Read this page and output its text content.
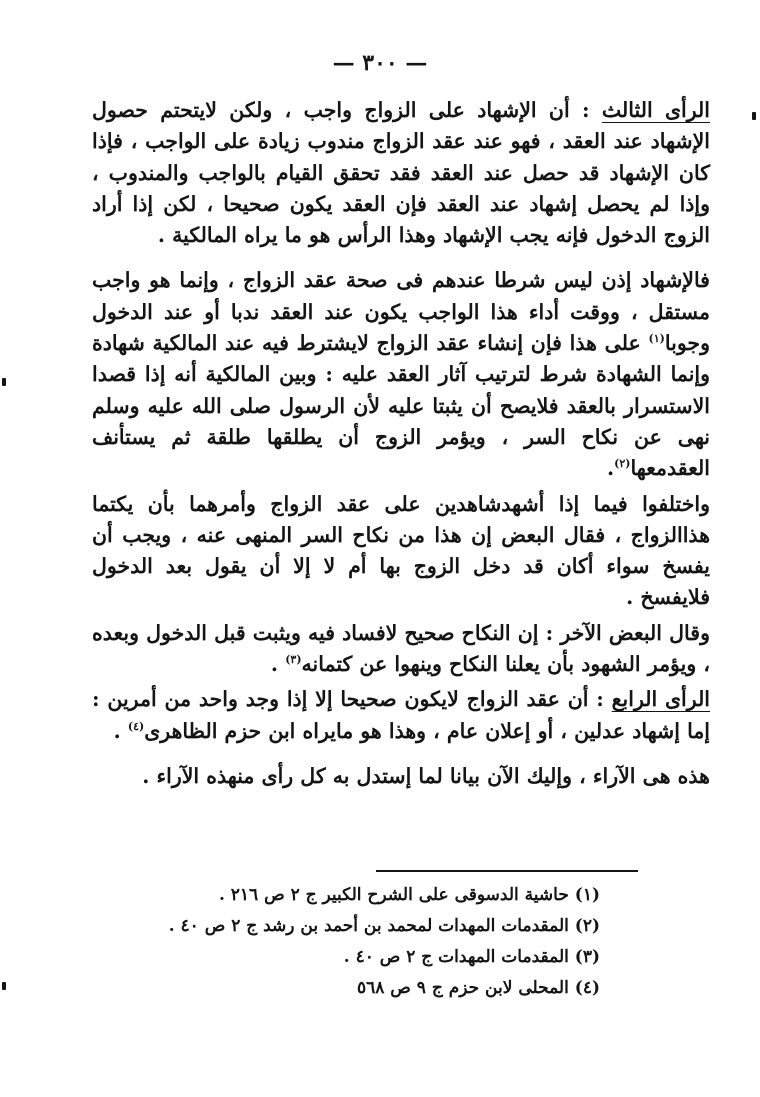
— ٣٠٠ —

الرأى الثالث : أن الإشهاد على الزواج واجب ، ولكن لايتحتم حصول الإشهاد عند العقد ، فهو عند عقد الزواج مندوب زيادة على الواجب ، فإذا كان الإشهاد قد حصل عند العقد فقد تحقق القيام بالواجب والمندوب ، وإذا لم يحصل إشهاد عند العقد فإن العقد يكون صحيحا ، لكن إذا أراد الزوج الدخول فإنه يجب الإشهاد وهذا الرأس هو ما يراه المالكية .

فالإشهاد إذن ليس شرطا عندهم فى صحة عقد الزواج ، وإنما هو واجب مستقل ، ووقت أداء هذا الواجب يكون عند العقد ندبا أو عند الدخول وجوبا$^{(١)}$ على هذا فإن إنشاء عقد الزواج لايشترط فيه عند المالكية شهادة وإنما الشهادة شرط لترتيب آثار العقد عليه : وبين المالكية أنه إذا قصدا الاستسرار بالعقد فلايصح أن يثبتا عليه لأن الرسول صلى الله عليه وسلم نهى عن نكاح السر ، ويؤمر الزوج أن يطلقها طلقة ثم يستأنف العقدمعها$^{(٢)}$.

واختلفوا فيما إذا أشهدشاهدين على عقد الزواج وأمرهما بأن يكتما هذاالزواج ، فقال البعض إن هذا من نكاح السر المنهى عنه ، ويجب أن يفسخ سواء أكان قد دخل الزوج بها أم لا إلا أن يقول بعد الدخول فلايفسخ .

وقال البعض الآخر : إن النكاح صحيح لافساد فيه ويثبت قبل الدخول وبعده ، ويؤمر الشهود بأن يعلنا النكاح وينهوا عن كتمانه$^{(٣)}$ .

الرأى الرابع : أن عقد الزواج لايكون صحيحا إلا إذا وجد واحد من أمرين : إما إشهاد عدلين ، أو إعلان عام ، وهذا هو مايراه ابن حزم الظاهرى$^{(٤)}$ .

هذه هى الآراء ، وإليك الآن بيانا لما إستدل به كل رأى منهذه الآراء .

(١) حاشية الدسوقى على الشرح الكبير ج ٢ ص ٢١٦ .
(٢) المقدمات المهدات لمحمد بن أحمد بن رشد ج ٢ ص ٤٠ .
(٣) المقدمات المهدات ج ٢ ص ٤٠ .
(٤) المحلى لابن حزم ج ٩ ص ٥٦٨
